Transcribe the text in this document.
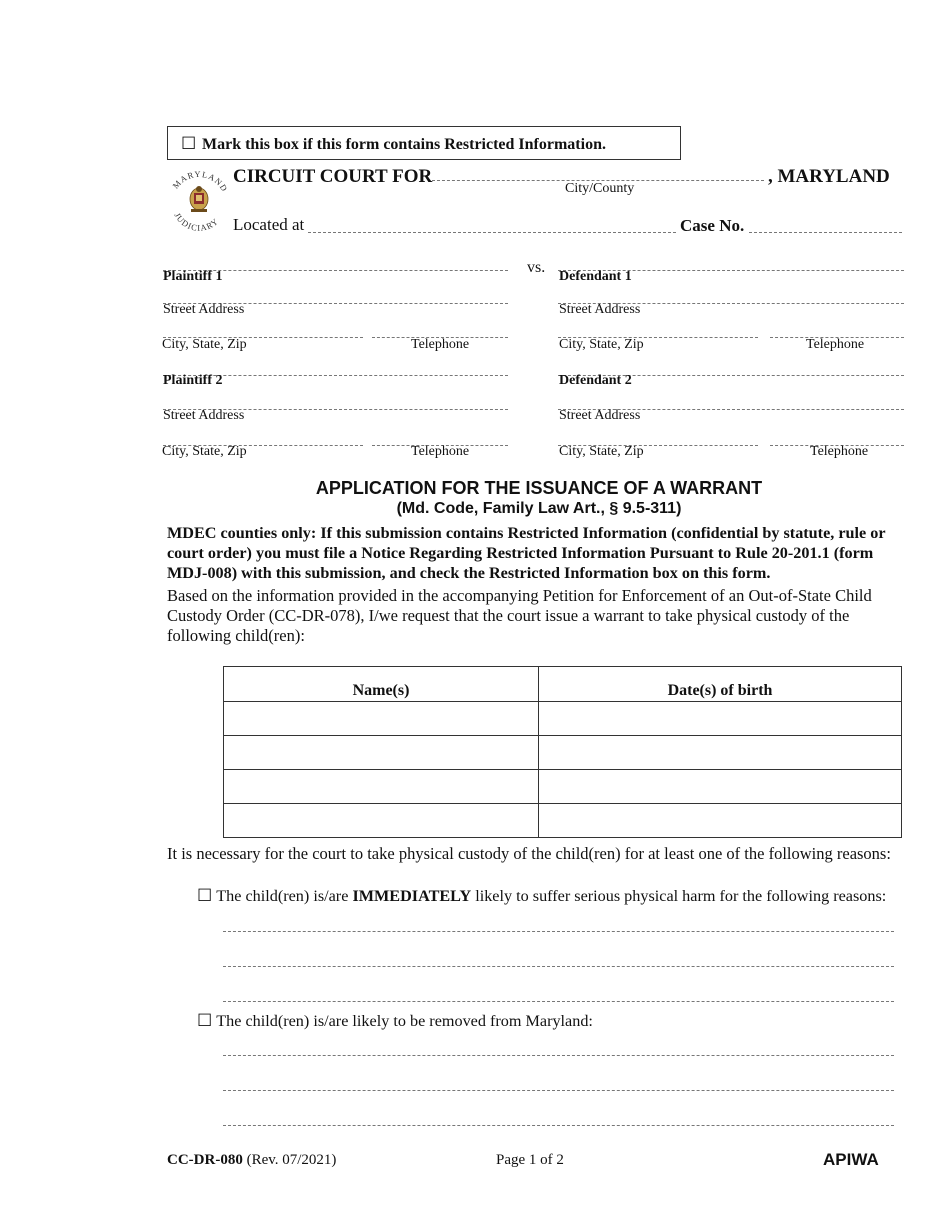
☐ Mark this box if this form contains Restricted Information.
MARYLAND
JUDICIARY
CIRCUIT COURT FOR
City/County
, MARYLAND
Located at	Case No.
vs.
Plaintiff 1
Street Address
City, State, Zip	Telephone
Plaintiff 2
Street Address
City, State, Zip	Telephone
Defendant 1
Street Address
City, State, Zip	Telephone
Defendant 2
Street Address
City, State, Zip	Telephone
APPLICATION FOR THE ISSUANCE OF A WARRANT
(Md. Code, Family Law Art., § 9.5-311)
MDEC counties only: If this submission contains Restricted Information (confidential by statute, rule or court order) you must file a Notice Regarding Restricted Information Pursuant to Rule 20-201.1 (form MDJ-008) with this submission, and check the Restricted Information box on this form.
Based on the information provided in the accompanying Petition for Enforcement of an Out-of-State Child Custody Order (CC-DR-078), I/we request that the court issue a warrant to take physical custody of the following child(ren):
Name(s)	Date(s) of birth

It is necessary for the court to take physical custody of the child(ren) for at least one of the following reasons:
☐ The child(ren) is/are IMMEDIATELY likely to suffer serious physical harm for the following reasons:
☐ The child(ren) is/are likely to be removed from Maryland:
CC-DR-080 (Rev. 07/2021)	Page 1 of 2	APIWA
